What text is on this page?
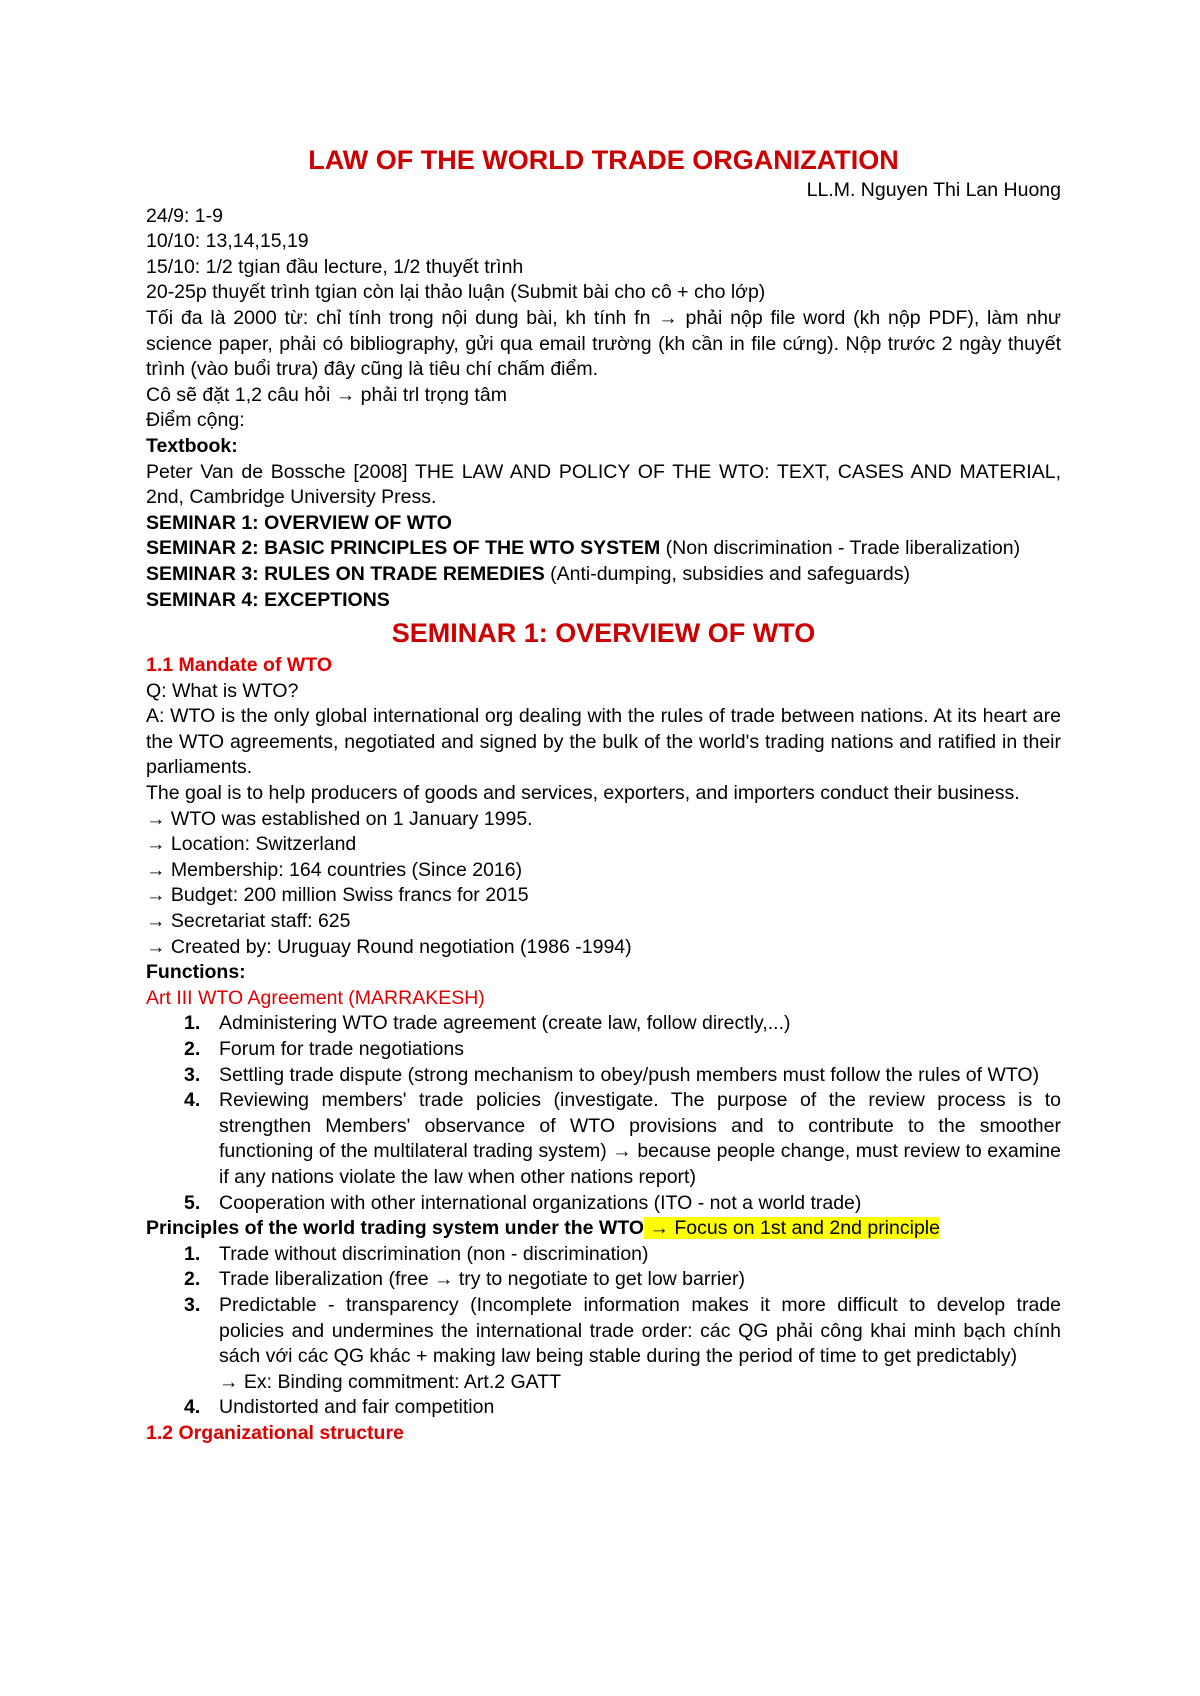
LAW OF THE WORLD TRADE ORGANIZATION

LL.M. Nguyen Thi Lan Huong

24/9: 1-9

10/10: 13,14,15,19

15/10: 1/2 tgian đầu lecture, 1/2 thuyết trình

20-25p thuyết trình tgian còn lại thảo luận (Submit bài cho cô + cho lớp)

Tối đa là 2000 từ: chỉ tính trong nội dung bài, kh tính fn → phải nộp file word (kh nộp PDF), làm như science paper, phải có bibliography, gửi qua email trường (kh cần in file cứng). Nộp trước 2 ngày thuyết trình (vào buổi trưa) đây cũng là tiêu chí chấm điểm.

Cô sẽ đặt 1,2 câu hỏi → phải trl trọng tâm

Điểm cộng:

Textbook:

Peter Van de Bossche [2008] THE LAW AND POLICY OF THE WTO: TEXT, CASES AND MATERIAL, 2nd, Cambridge University Press.

SEMINAR 1: OVERVIEW OF WTO

SEMINAR 2: BASIC PRINCIPLES OF THE WTO SYSTEM (Non discrimination - Trade liberalization)

SEMINAR 3: RULES ON TRADE REMEDIES (Anti-dumping, subsidies and safeguards)

SEMINAR 4: EXCEPTIONS

SEMINAR 1: OVERVIEW OF WTO

1.1 Mandate of WTO

Q: What is WTO?

A: WTO is the only global international org dealing with the rules of trade between nations. At its heart are the WTO agreements, negotiated and signed by the bulk of the world's trading nations and ratified in their parliaments.

The goal is to help producers of goods and services, exporters, and importers conduct their business.

→ WTO was established on 1 January 1995.

→ Location: Switzerland

→ Membership: 164 countries (Since 2016)

→ Budget: 200 million Swiss francs for 2015

→ Secretariat staff: 625

→ Created by: Uruguay Round negotiation (1986 -1994)

Functions:

Art III WTO Agreement (MARRAKESH)

1. Administering WTO trade agreement (create law, follow directly,...)
2. Forum for trade negotiations
3. Settling trade dispute (strong mechanism to obey/push members must follow the rules of WTO)
4. Reviewing members' trade policies (investigate. The purpose of the review process is to strengthen Members' observance of WTO provisions and to contribute to the smoother functioning of the multilateral trading system) → because people change, must review to examine if any nations violate the law when other nations report)
5. Cooperation with other international organizations (ITO - not a world trade)

Principles of the world trading system under the WTO → Focus on 1st and 2nd principle

1. Trade without discrimination (non - discrimination)
2. Trade liberalization (free → try to negotiate to get low barrier)
3. Predictable - transparency (Incomplete information makes it more difficult to develop trade policies and undermines the international trade order: các QG phải công khai minh bạch chính sách với các QG khác + making law being stable during the period of time to get predictably)

→ Ex: Binding commitment: Art.2 GATT

4. Undistorted and fair competition

1.2 Organizational structure
